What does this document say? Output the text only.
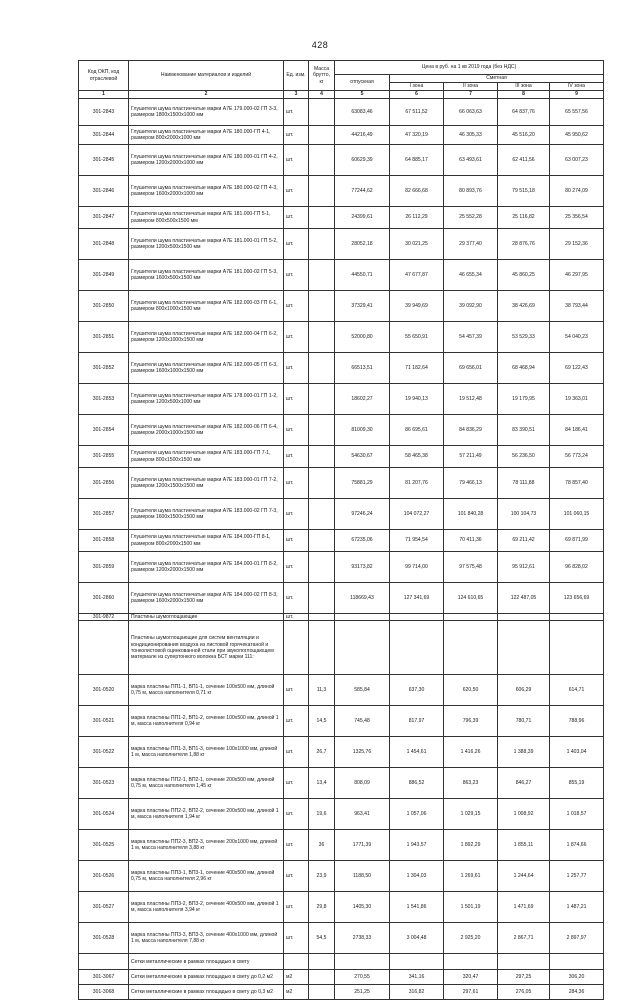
428
Код ОКП, код отраслевой	Наименование материалов и изделий	Ед. изм.	Масса брутто, кг	Цена в руб. на 1 кв 2019 года (без НДС)				
				отпускная	Сметная			
					I зона	II зона	III зона	IV зона
1	2	3	4	5	6	7	8	9
301-2843	Глушители шума пластинчатые марки А7Е 179.000-02 ГП 3-3, размером 1800х1500х1000 мм	шт.		63083,46	67 511,52	66 063,63	64 837,76	65 557,56
301-2844	Глушители шума пластинчатые марки А7Е 180.000-ГП 4-1, размером 800х2000х1000 мм	шт.		44216,49	47 320,19	46 305,33	45 516,20	45 950,62
301-2845	Глушители шума пластинчатые марки А7Е 180.000-01 ГП 4-2, размером 1200х2000х1000 мм	шт.		60629,39	64 885,17	63 493,61	62 411,56	63 007,23
301-2846	Глушители шума пластинчатые марки А7Е 180.000-02 ГП 4-3, размером 1600х2000х1000 мм	шт.		77244,62	82 666,68	80 893,76	79 515,18	80 274,09
301-2847	Глушители шума пластинчатые марки А7Е 181.000-ГП 5-1, размером 800х500х1500 мм	шт.		24399,61	26 112,29	25 552,28	25 116,82	25 356,54
301-2848	Глушители шума пластинчатые марки А7Е 181.000-01 ГП 5-2, размером 1200х500х1500 мм	шт.		28052,18	30 021,25	29 377,40	28 876,76	29 152,36
301-2849	Глушители шума пластинчатые марки А7Е 181.000-02 ГП 5-3, размером 1600х500х1500 мм	шт.		44550,71	47 677,87	46 655,34	45 860,25	46 297,95
301-2850	Глушители шума пластинчатые марки А7Е 182.000-03 ГП 6-1, размером 800х1000х1500 мм	шт.		37329,41	39 949,69	39 092,90	38 426,69	38 793,44
301-2851	Глушители шума пластинчатые марки А7Е 182.000-04 ГП 6-2, размером 1200х1000х1500 мм	шт.		52000,80	55 650,91	54 457,39	53 529,33	54 040,23
301-2852	Глушители шума пластинчатые марки А7Е 182.000-05 ГП 6-3, размером 1600х1000х1500 мм	шт.		66513,51	71 182,64	69 656,01	68 468,94	69 122,43
301-2853	Глушители шума пластинчатые марки А7Е 178.000-01 ГП 1-2, размером 1200х500х1000 мм	шт.		18602,27	19 940,13	19 512,48	19 179,95	19 363,01
301-2854	Глушители шума пластинчатые марки А7Е 182.000-06 ГП 6-4, размером 2000х1000х1500 мм	шт.		81009,30	86 695,61	84 836,29	83 390,51	84 186,41
301-2855	Глушители шума пластинчатые марки А7Е 183.000-ГП 7-1, размером 800х1500х1500 мм	шт.		54630,67	58 465,38	57 211,49	56 236,50	56 773,24
301-2856	Глушители шума пластинчатые марки А7Е 183.000-01 ГП 7-2, размером 1200х1500х1500 мм	шт.		75881,29	81 207,76	79 466,13	78 111,88	78 857,40
301-2857	Глушители шума пластинчатые марки А7Е 183.000-02 ГП 7-3, размером 1600х1500х1500 мм	шт.		97246,24	104 072,27	101 840,28	100 104,73	101 060,15
301-2858	Глушители шума пластинчатые марки А7Е 184.000-ГП 8-1, размером 800х2000х1500 мм	шт.		67235,06	71 954,54	70 411,36	69 211,42	69 871,99
301-2859	Глушители шума пластинчатые марки А7Е 184.000-01 ГП 8-2, размером 1200х2000х1500 мм	шт.		93173,82	99 714,00	97 575,48	95 912,61	96 828,02
301-2860	Глушители шума пластинчатые марки А7Е 184.000-02 ГП 8-3, размером 1600х2000х1500 мм	шт.		118669,43	127 341,69	124 610,65	122 487,05	123 656,69
301-9872	Пластины шумоглощающие	шт.						
	Пластины шумоглощающие для систем вентиляции и кондиционирования воздуха из листовой горячекатаной и тонколистовой оцинкованной стали при звукопоглощающем материале из супертонкого волокна БСТ марки 111:							
301-0520	марка пластины ПП1-1, ВП1-1, сечение 100х500 мм, длиной 0,75 м, масса наполнителя 0,71 кг	шт.	11,3	585,84	637,30	620,50	606,29	614,71
301-0521	марка пластины ПП1-2, ВП1-2, сечение 100х500 мм, длиной 1 м, масса наполнителя 0,94 кг	шт.	14,5	745,48	817,97	796,39	780,71	788,96
301-0522	марка пластины ПП1-3, ВП1-3, сечение 100х1000 мм, длиной 1 м, масса наполнителя 1,88 кг	шт.	26,7	1325,76	1 454,61	1 416,26	1 388,39	1 403,04
301-0523	марка пластины ПП2-1, ВП2-1, сечение 200х500 мм, длиной 0,75 м, масса наполнителя 1,45 кг	шт.	13,4	808,09	886,52	863,23	846,27	855,19
301-0524	марка пластины ПП2-2, ВП2-2, сечение 200х500 мм, длиной 1 м, масса наполнителя 1,94 кг	шт.	19,6	963,41	1 057,06	1 029,15	1 008,92	1 018,57
301-0525	марка пластины ПП2-3, ВП2-3, сечение 200х1000 мм, длиной 1 м, масса наполнителя 3,88 кг	шт.	36	1771,39	1 943,57	1 892,29	1 855,11	1 874,66
301-0526	марка пластины ПП3-1, ВП3-1, сечение 400х500 мм, длиной 0,75 м, масса наполнителя 2,96 кг	шт.	23,9	1188,50	1 304,03	1 269,61	1 244,64	1 257,77
301-0527	марка пластины ПП3-2, ВП3-2, сечение 400х500 мм, длиной 1 м, масса наполнителя 3,94 кг	шт.	29,8	1405,30	1 541,86	1 501,19	1 471,69	1 487,21
301-0528	марка пластины ПП3-3, ВП3-3, сечение 400х1000 мм, длиной 1 м, масса наполнителя 7,88 кг	шт.	54,5	2738,33	3 004,48	2 925,20	2 867,71	2 897,97
	Сетки металлические в рамках площадью в свету							
301-3067	Сетки металлические в рамках площадью в свету до 0,2 м2	м2		270,55	341,16	320,47	297,25	306,20
301-3068	Сетки металлические в рамках площадью в свету до 0,3 м2	м2		251,25	316,82	297,61	276,05	284,36
